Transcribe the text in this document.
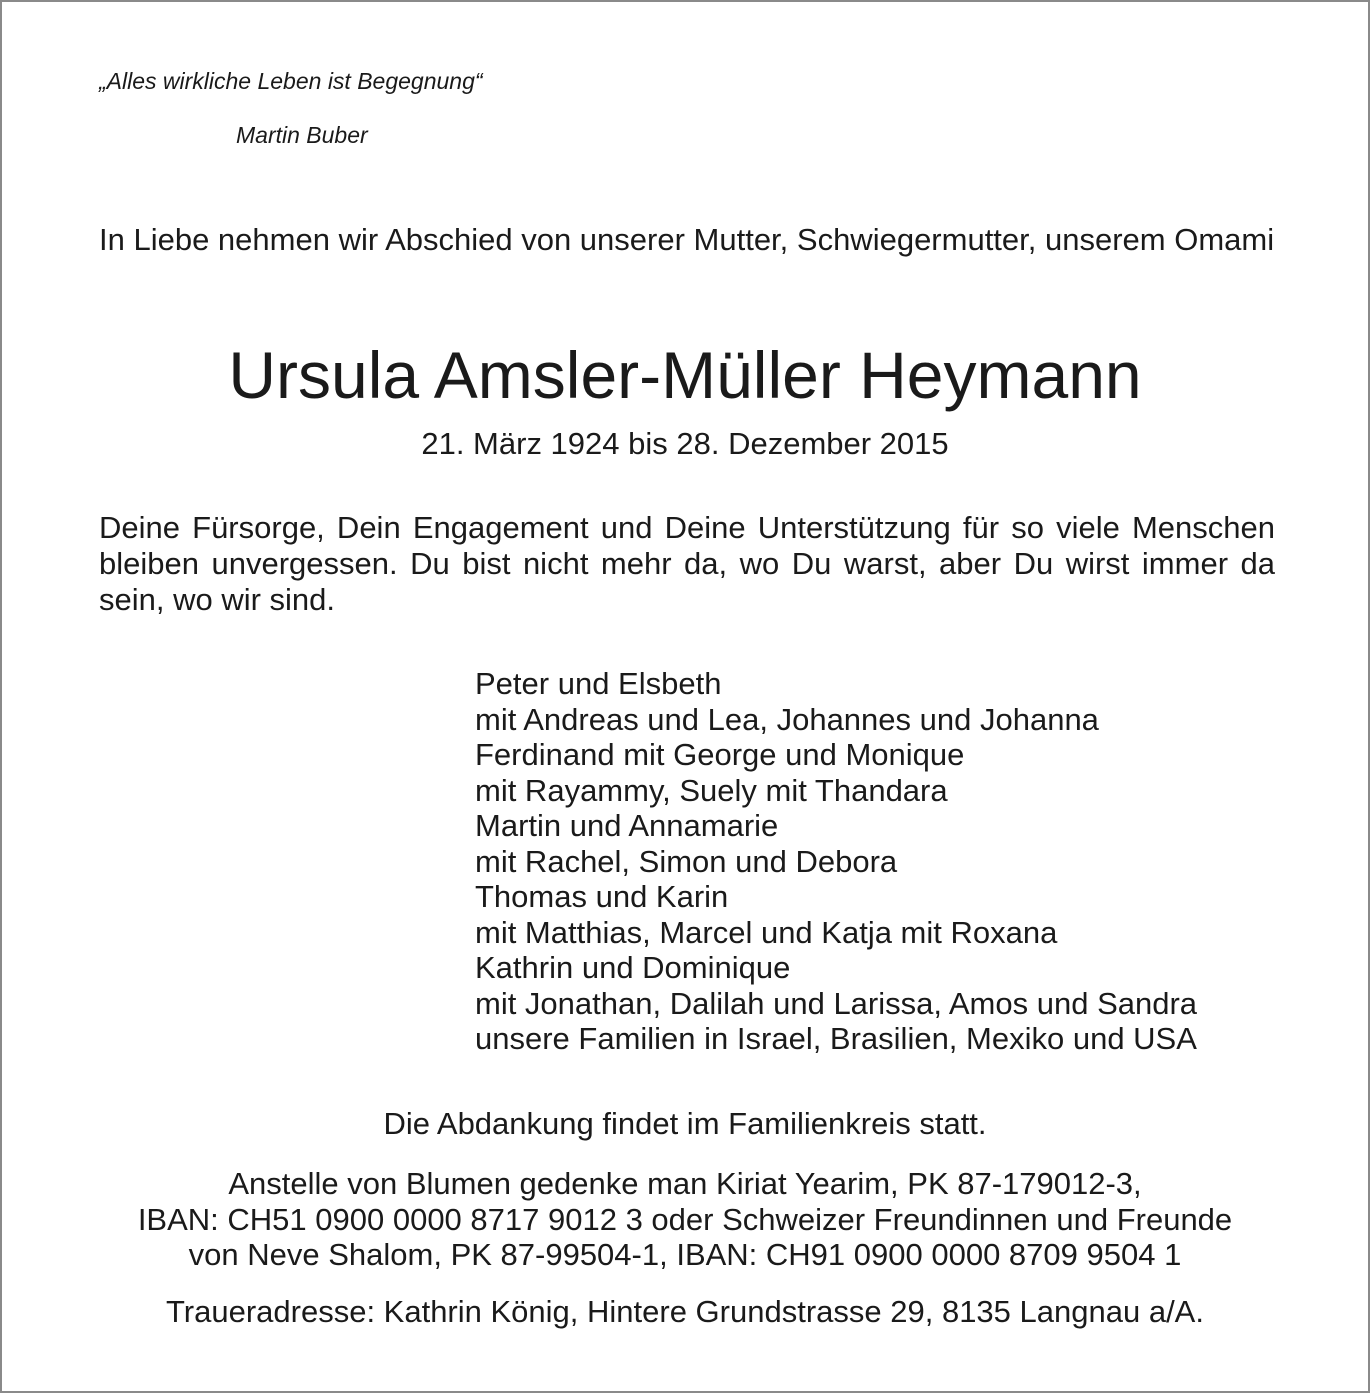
„Alles wirkliche Leben ist Begegnung“
Martin Buber
In Liebe nehmen wir Abschied von unserer Mutter, Schwiegermutter, unserem Omami
Ursula Amsler-Müller Heymann
21. März 1924 bis 28. Dezember 2015
Deine Fürsorge, Dein Engagement und Deine Unterstützung für so viele Menschen bleiben unvergessen. Du bist nicht mehr da, wo Du warst, aber Du wirst immer da sein, wo wir sind.
Peter und Elsbeth
mit Andreas und Lea, Johannes und Johanna
Ferdinand mit George und Monique
mit Rayammy, Suely mit Thandara
Martin und Annamarie
mit Rachel, Simon und Debora
Thomas und Karin
mit Matthias, Marcel und Katja mit Roxana
Kathrin und Dominique
mit Jonathan, Dalilah und Larissa, Amos und Sandra
unsere Familien in Israel, Brasilien, Mexiko und USA
Die Abdankung findet im Familienkreis statt.
Anstelle von Blumen gedenke man Kiriat Yearim, PK 87-179012-3,
IBAN: CH51 0900 0000 8717 9012 3 oder Schweizer Freundinnen und Freunde
von Neve Shalom, PK 87-99504-1, IBAN: CH91 0900 0000 8709 9504 1
Traueradresse: Kathrin König, Hintere Grundstrasse 29, 8135 Langnau a/A.
